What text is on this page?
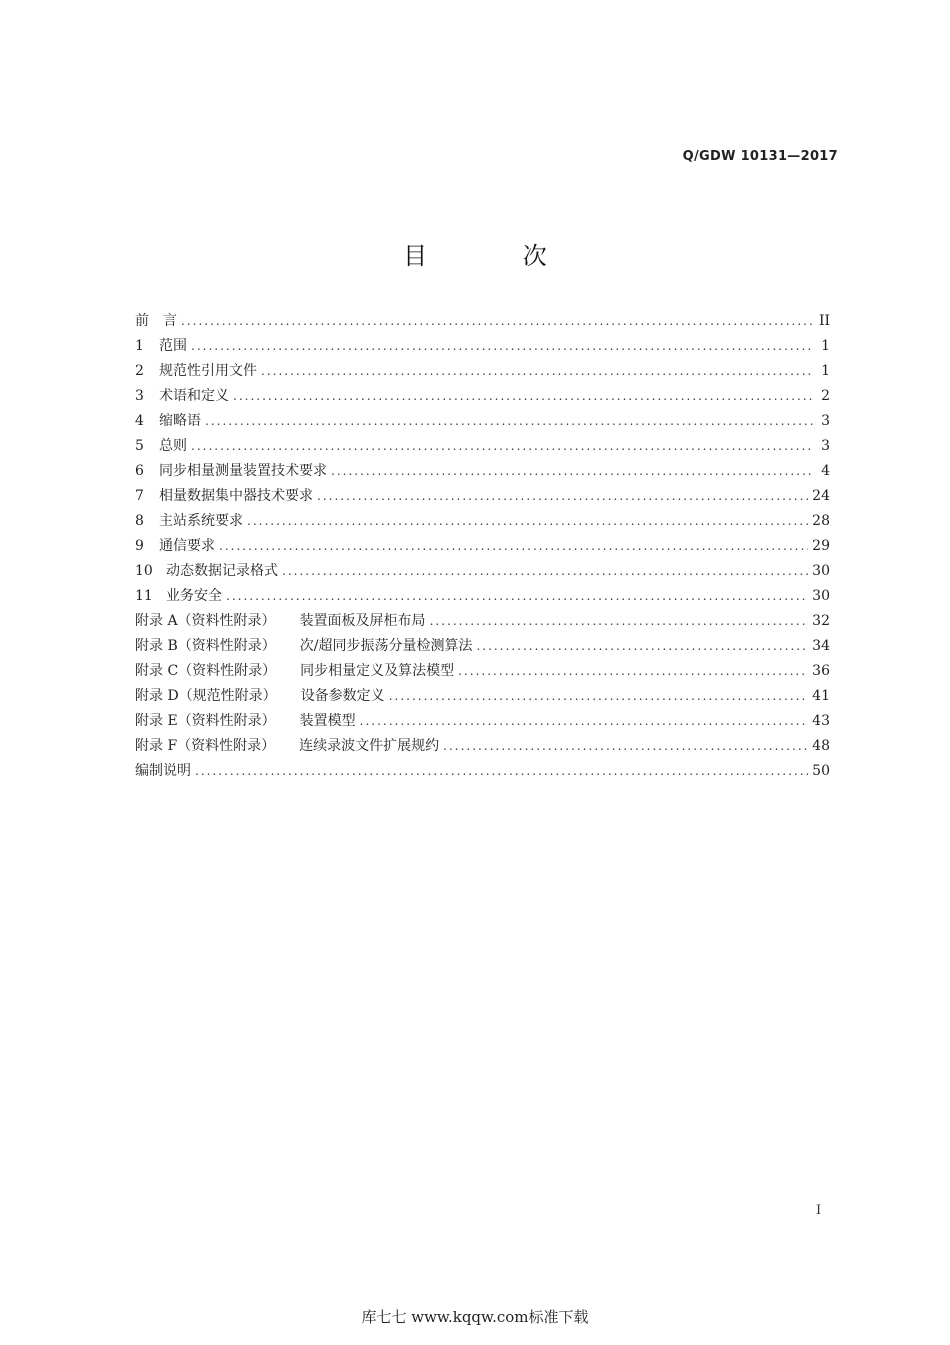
Q/GDW 10131—2017
目 次
前　言 .....	II
1	范围 .....	1
2	规范性引用文件 .....	1
3	术语和定义 .....	2
4	缩略语 .....	3
5	总则 .....	3
6	同步相量测量装置技术要求 .....	4
7	相量数据集中器技术要求 .....	24
8	主站系统要求 .....	28
9	通信要求 .....	29
10 动态数据记录格式 .....	30
11 业务安全 .....	30
附录 A（资料性附录） 装置面板及屏柜布局 .....	32
附录 B（资料性附录） 次/超同步振荡分量检测算法 .....	34
附录 C（资料性附录） 同步相量定义及算法模型 .....	36
附录 D（规范性附录） 设备参数定义 .....	41
附录 E（资料性附录） 装置模型 .....	43
附录 F（资料性附录） 连续录波文件扩展规约 .....	48
编制说明 .....	50
I
库七七 www.kqqw.com标准下载
